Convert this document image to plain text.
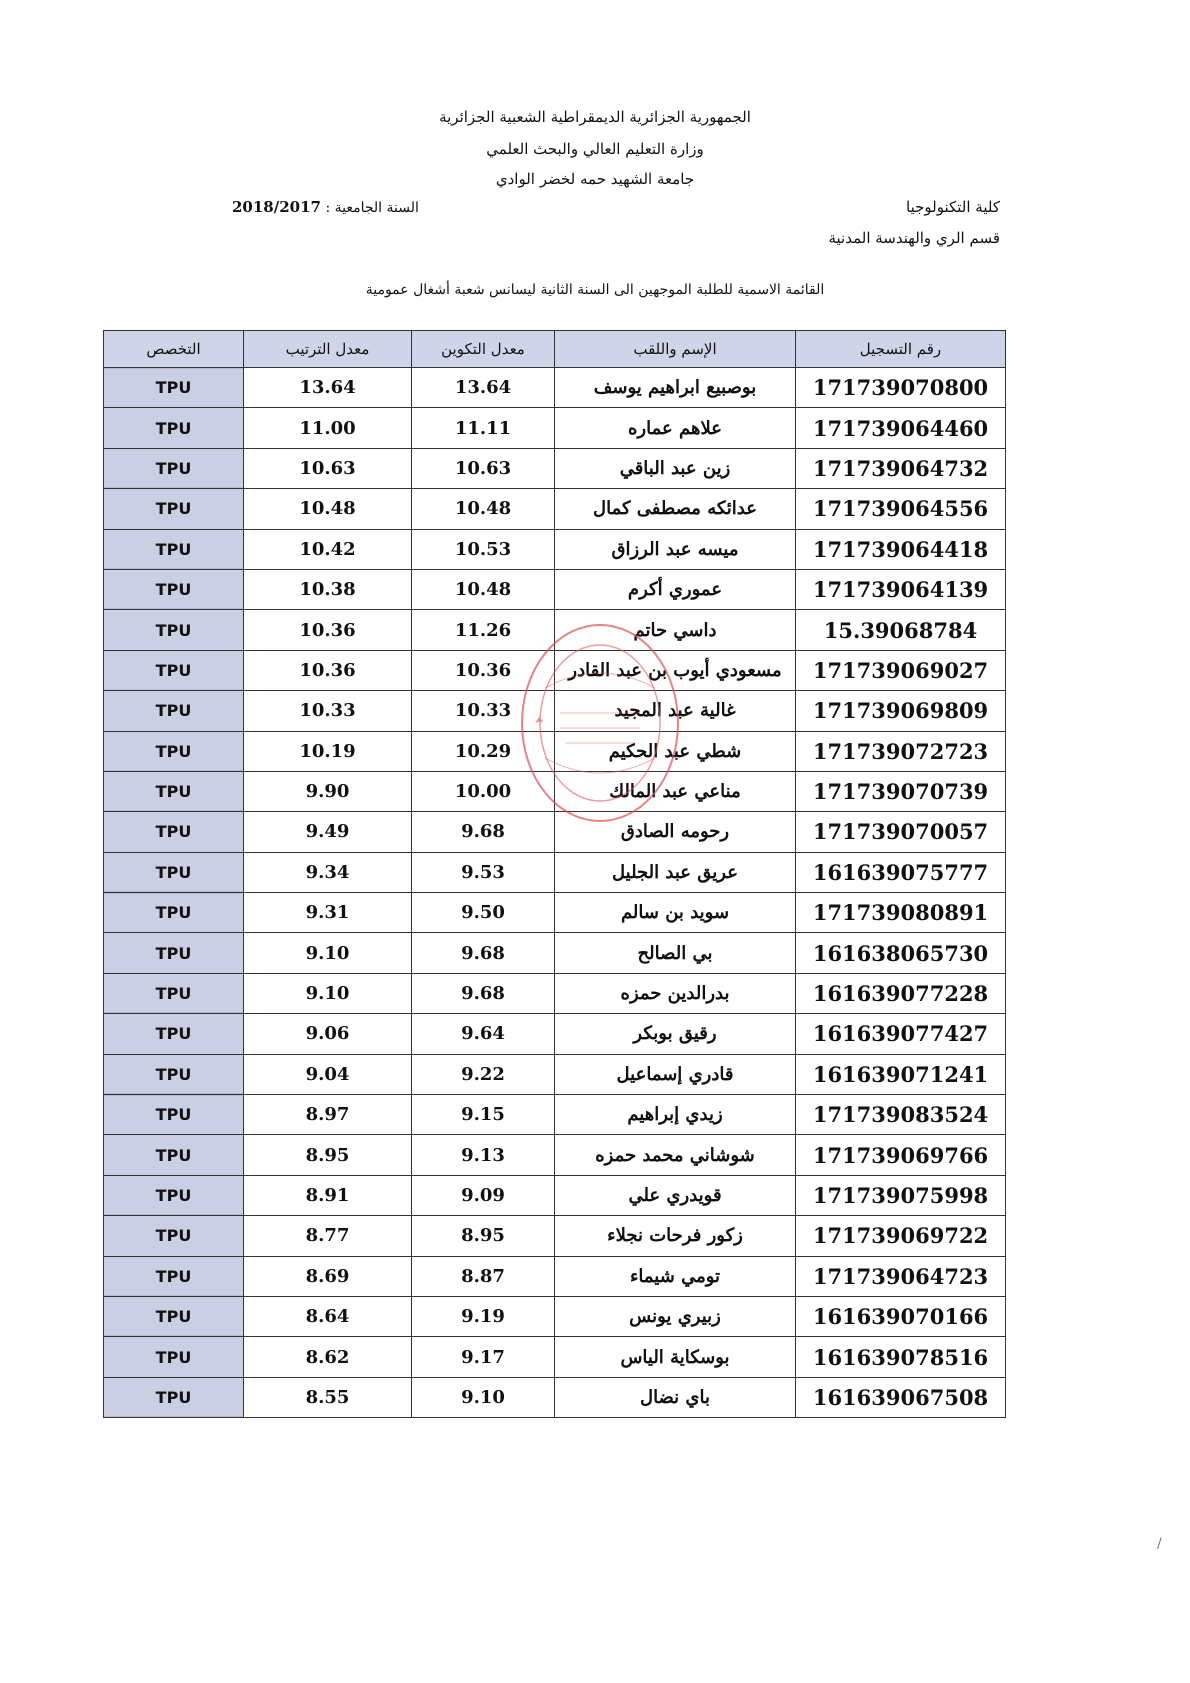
الجمهورية الجزائرية الديمقراطية الشعبية الجزائرية
وزارة التعليم العالي والبحث العلمي
جامعة الشهيد حمه لخضر الوادي
كلية التكنولوجيا
قسم الري والهندسة المدنية
السنة الجامعية : 2018/2017
القائمة الاسمية للطلبة الموجهين الى السنة الثانية ليسانس شعبة أشغال عمومية
التخصص	معدل الترتيب	معدل التكوين	الإسم واللقب	رقم التسجيل
TPU	13.64	13.64	بوصبيع ابراهيم يوسف	171739070800
TPU	11.00	11.11	علاهم عماره	171739064460
TPU	10.63	10.63	زين عبد الباقي	171739064732
TPU	10.48	10.48	عدائكه مصطفى كمال	171739064556
TPU	10.42	10.53	ميسه عبد الرزاق	171739064418
TPU	10.38	10.48	عموري أكرم	171739064139
TPU	10.36	11.26	داسي حاتم	15.39068784
TPU	10.36	10.36	مسعودي أيوب بن عبد القادر	171739069027
TPU	10.33	10.33	غالية عبد المجيد	171739069809
TPU	10.19	10.29	شطي عبد الحكيم	171739072723
TPU	9.90	10.00	مناعي عبد المالك	171739070739
TPU	9.49	9.68	رحومه الصادق	171739070057
TPU	9.34	9.53	عريق عبد الجليل	161639075777
TPU	9.31	9.50	سويد بن سالم	171739080891
TPU	9.10	9.68	بي الصالح	161638065730
TPU	9.10	9.68	بدرالدين حمزه	161639077228
TPU	9.06	9.64	رقيق بوبكر	161639077427
TPU	9.04	9.22	قادري إسماعيل	161639071241
TPU	8.97	9.15	زيدي إبراهيم	171739083524
TPU	8.95	9.13	شوشاني محمد حمزه	171739069766
TPU	8.91	9.09	قويدري علي	171739075998
TPU	8.77	8.95	زكور فرحات نجلاء	171739069722
TPU	8.69	8.87	تومي شيماء	171739064723
TPU	8.64	9.19	زبيري يونس	161639070166
TPU	8.62	9.17	بوسكاية الياس	161639078516
TPU	8.55	9.10	باي نضال	161639067508
/
